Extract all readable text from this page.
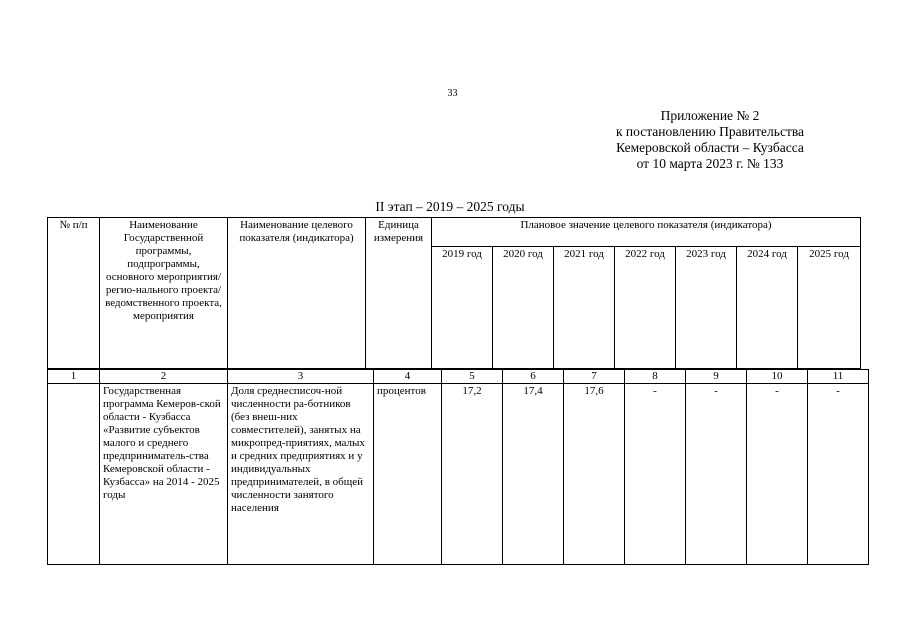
33
Приложение № 2
к постановлению Правительства
Кемеровской области – Кузбасса
от 10 марта 2023 г. № 133
II этап – 2019 – 2025 годы
№ п/п	Наименование Государственной программы, подпрограммы, основного мероприятия/регио-нального проекта/ ведомственного проекта, мероприятия	Наименование целевого показателя (индикатора)	Единица измерения	Плановое значение целевого показателя (индикатора)						
				2019 год	2020 год	2021 год	2022 год	2023 год	2024 год	2025 год
1	2	3	4	5	6	7	8	9	10	11
	Государственная программа Кемеров-ской области - Кузбасса «Развитие субъектов малого и среднего предприниматель-ства Кемеровской области - Кузбасса» на 2014 - 2025 годы	Доля среднесписоч-ной численности ра-ботников (без внеш-них совместителей), занятых на микропред-приятиях, малых и средних предприятиях и у индивидуальных предпринимателей, в общей численности занятого населения	процентов	17,2	17,4	17,6	-	-	-	-
